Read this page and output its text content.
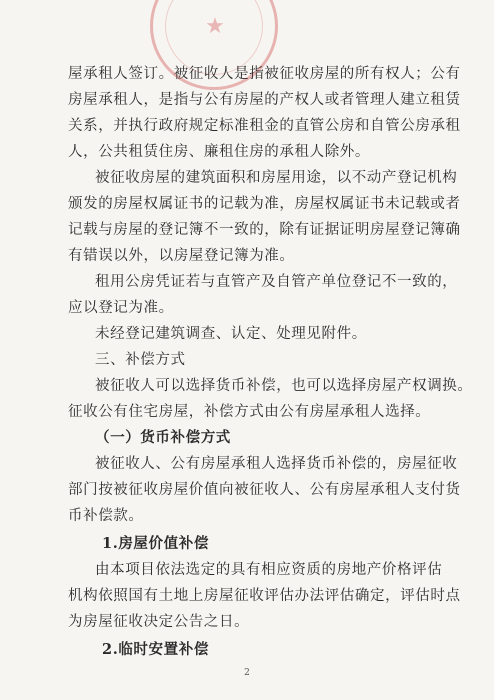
★
屋承租人签订。被征收人是指被征收房屋的所有权人；公有
房屋承租人，是指与公有房屋的产权人或者管理人建立租赁
关系，并执行政府规定标准租金的直管公房和自管公房承租
人，公共租赁住房、廉租住房的承租人除外。
被征收房屋的建筑面积和房屋用途，以不动产登记机构
颁发的房屋权属证书的记载为准，房屋权属证书未记载或者
记载与房屋的登记簿不一致的，除有证据证明房屋登记簿确
有错误以外，以房屋登记簿为准。
租用公房凭证若与直管产及自管产单位登记不一致的，
应以登记为准。
未经登记建筑调查、认定、处理见附件。
三、补偿方式
被征收人可以选择货币补偿，也可以选择房屋产权调换。
征收公有住宅房屋，补偿方式由公有房屋承租人选择。
（一）货币补偿方式
被征收人、公有房屋承租人选择货币补偿的，房屋征收
部门按被征收房屋价值向被征收人、公有房屋承租人支付货
币补偿款。
1.房屋价值补偿
由本项目依法选定的具有相应资质的房地产价格评估
机构依照国有土地上房屋征收评估办法评估确定，评估时点
为房屋征收决定公告之日。
2
2.临时安置补偿
